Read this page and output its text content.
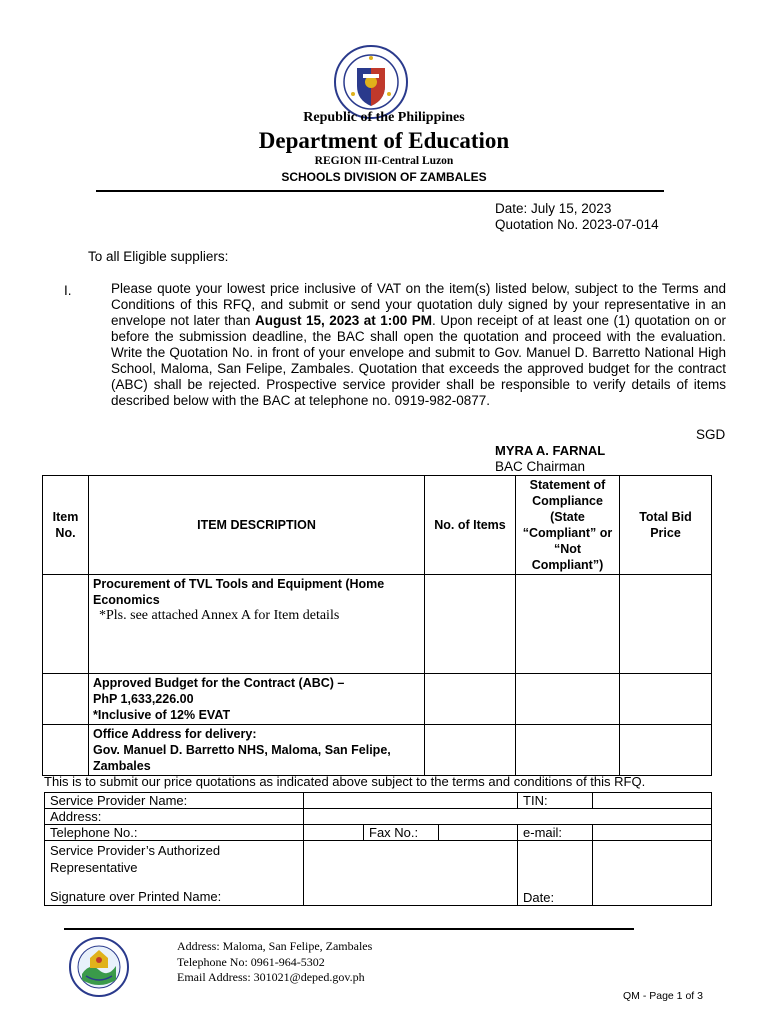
Republic of the Philippines
Department of Education
REGION III-Central Luzon
SCHOOLS DIVISION OF ZAMBALES
Date: July 15, 2023
Quotation No. 2023-07-014
To all Eligible suppliers:
I.	Please quote your lowest price inclusive of VAT on the item(s) listed below, subject to the Terms and Conditions of this RFQ, and submit or send your quotation duly signed by your representative in an envelope not later than August 15, 2023 at 1:00 PM. Upon receipt of at least one (1) quotation on or before the submission deadline, the BAC shall open the quotation and proceed with the evaluation. Write the Quotation No. in front of your envelope and submit to Gov. Manuel D. Barretto National High School, Maloma, San Felipe, Zambales. Quotation that exceeds the approved budget for the contract (ABC) shall be rejected. Prospective service provider shall be responsible to verify details of items described below with the BAC at telephone no. 0919-982-0877.
SGD
MYRA A. FARNAL
BAC Chairman
Item No.	ITEM DESCRIPTION	No. of Items	Statement of Compliance (State “Compliant” or “Not Compliant”)	Total Bid Price

	Procurement of TVL Tools and Equipment (Home Economics
*Pls. see attached Annex A for Item details			

	Approved Budget for the Contract (ABC) –
PhP 1,633,226.00
*Inclusive of 12% EVAT			

	Office Address for delivery:
Gov. Manuel D. Barretto NHS, Maloma, San Felipe, Zambales			

This is to submit our price quotations as indicated above subject to the terms and conditions of this RFQ.
Service Provider Name:				TIN:	
Address:					
Telephone No.:		Fax No.:		e-mail:	

Service Provider’s Authorized Representative
Signature over Printed Name:				Date:	
Address: Maloma, San Felipe, Zambales
Telephone No: 0961-964-5302
Email Address: 301021@deped.gov.ph
QM - Page 1 of 3
